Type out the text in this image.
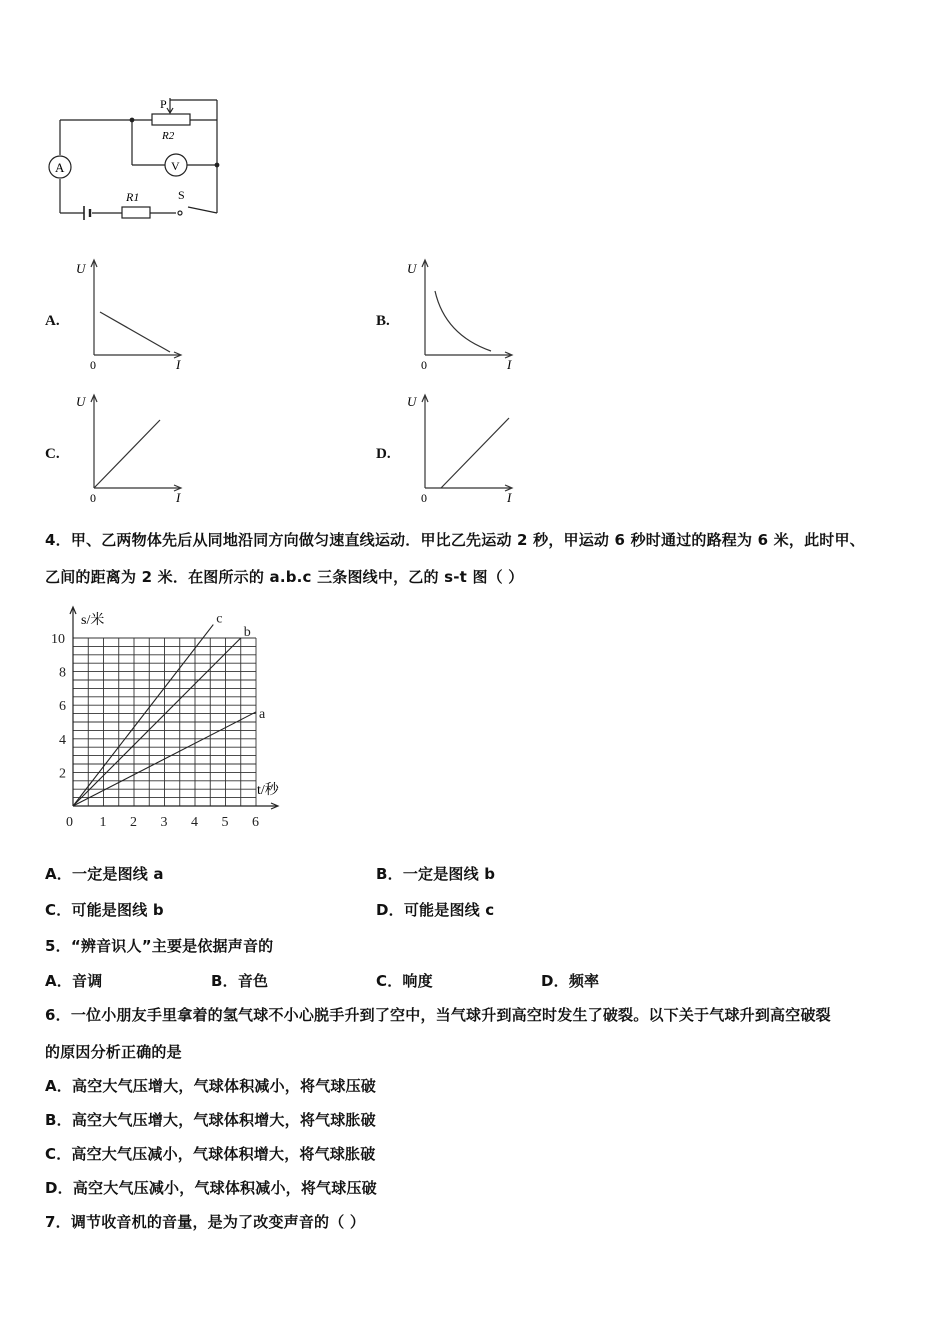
P
R2
A	V
R1	S
A.	B.
C.	D.
U
0	I
U
0	I
U
0	I
U
0	I
4．甲、乙两物体先后从同地沿同方向做匀速直线运动．甲比乙先运动 2 秒，甲运动 6 秒时通过的路程为 6 米，此时甲、
乙间的距离为 2 米．在图所示的 a.b.c 三条图线中，乙的 s-t 图（ ）
a
b
c
0 1 2 3 4 5 6
2
4
6
8
10
s/米
t/秒
A．一定是图线 a	B．一定是图线 b
C．可能是图线 b	D．可能是图线 c
5．“辨音识人”主要是依据声音的
A．音调	B．音色	C．响度	D．频率
6．一位小朋友手里拿着的氢气球不小心脱手升到了空中，当气球升到高空时发生了破裂。以下关于气球升到高空破裂
的原因分析正确的是
A．高空大气压增大，气球体积减小，将气球压破
B．高空大气压增大，气球体积增大，将气球胀破
C．高空大气压减小，气球体积增大，将气球胀破
D．高空大气压减小，气球体积减小，将气球压破
7．调节收音机的音量，是为了改变声音的（ ）
